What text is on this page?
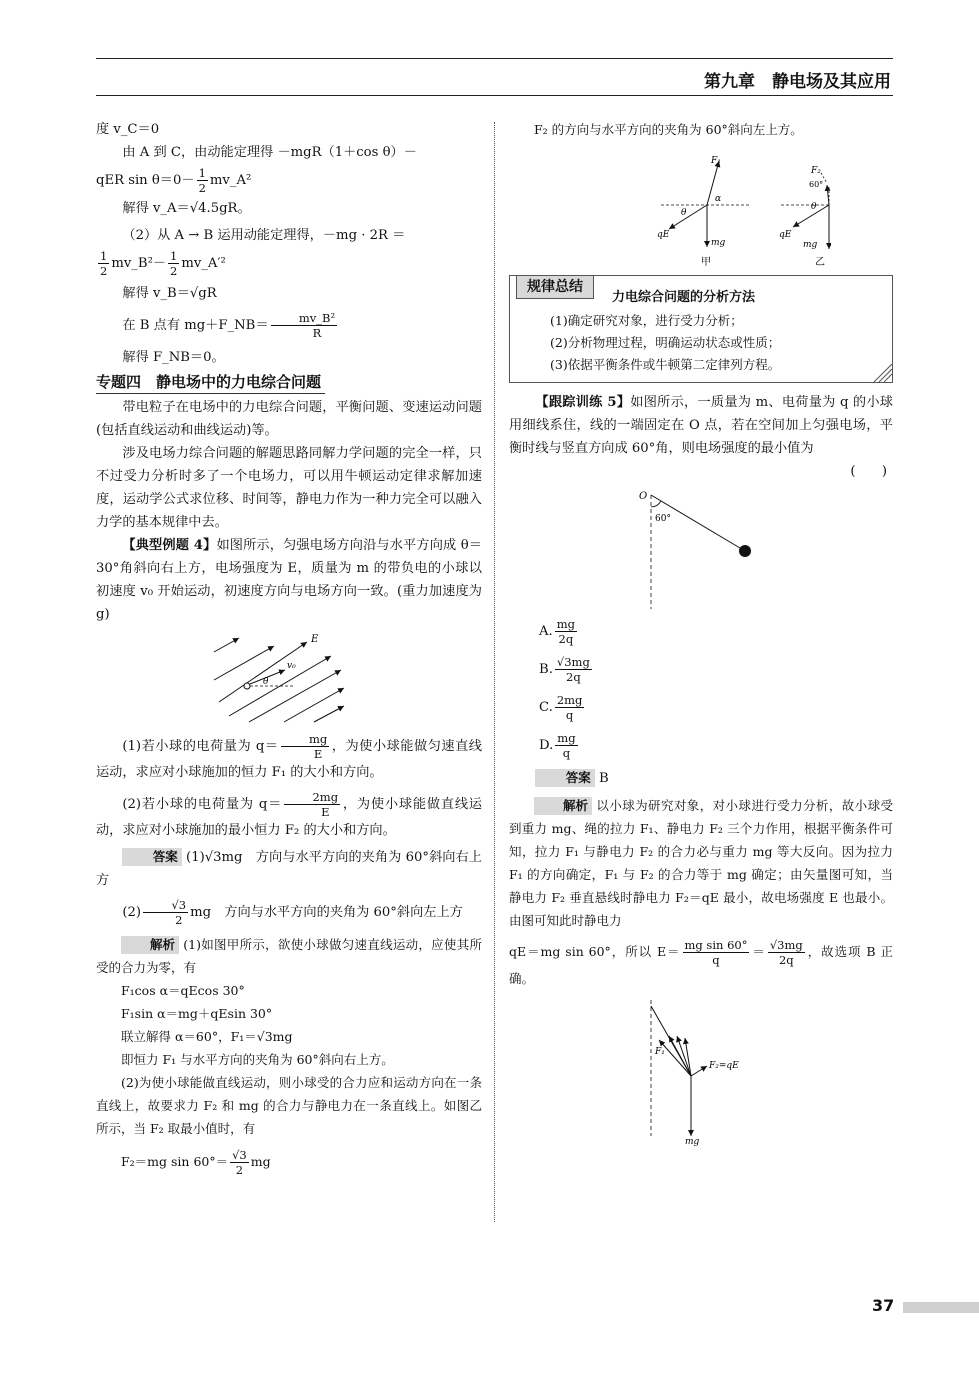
第九章　静电场及其应用

度 v_C＝0

由 A 到 C，由动能定理得 －mgR（1＋cos θ）－

qER $\sin \theta=0- \frac{1}{2}$ mv_A²

解得 v_A＝√4.5gR。

（2）从 A → B 运用动能定理得，－mg · 2R ＝

$\frac{1}{2}$ mv_B²－ $\frac{1}{2}$ mv_A′²

解得 v_B＝√gR

在 B 点有 mg＋F_NB＝ $\frac{\text{mv\_B²}}{R}$

解得 F_NB＝0。

专题四　静电场中的力电综合问题

带电粒子在电场中的力电综合问题，平衡问题、变速运动问题(包括直线运动和曲线运动)等。

涉及电场力综合问题的解题思路同解力学问题的完全一样，只不过受力分析时多了一个电场力，可以用牛顿运动定律求解加速度，运动学公式求位移、时间等，静电力作为一种力完全可以融入力学的基本规律中去。

【典型例题 4】如图所示，匀强电场方向沿与水平方向成 θ＝30°角斜向右上方，电场强度为 E，质量为 m 的带负电的小球以初速度 v₀ 开始运动，初速度方向与电场方向一致。(重力加速度为 g)

E
v₀
θ

(1)若小球的电荷量为 $q= \frac{mg}{E}$ ，为使小球能做匀速直线运动，求应对小球施加的恒力 F₁ 的大小和方向。

(2)若小球的电荷量为 $q= \frac{2mg}{E}$ ，为使小球能做直线运动，求应对小球施加的最小恒力 F₂ 的大小和方向。

答案 (1)√3mg　方向与水平方向的夹角为 60°斜向右上方

$(2) \frac{√3}{2}$ mg　方向与水平方向的夹角为 60°斜向左上方

解析 (1)如图甲所示，欲使小球做匀速直线运动，应使其所受的合力为零，有

F₁cos α＝qEcos 30°

F₁sin α＝mg＋qEsin 30°

联立解得 α＝60°，F₁＝√3mg

即恒力 F₁ 与水平方向的夹角为 60°斜向右上方。

(2)为使小球能做直线运动，则小球受的合力应和运动方向在一条直线上，故要求力 F₂ 和 mg 的合力与静电力在一条直线上。如图乙所示，当 F₂ 取最小值时，有

F₂＝mg $\sin 60^\circ= \frac{√3}{2}$ mg

F₂ 的方向与水平方向的夹角为 60°斜向左上方。

F₁
α
θ
qE
mg
甲
F₂
60°
θ
qE
mg
乙
规律总结
力电综合问题的分析方法
(1)确定研究对象，进行受力分析；
(2)分析物理过程，明确运动状态或性质；
(3)依据平衡条件或牛顿第二定律列方程。

【跟踪训练 5】如图所示，一质量为 m、电荷量为 q 的小球用细线系住，线的一端固定在 O 点，若在空间加上匀强电场，平衡时线与竖直方向成 60°角，则电场强度的最小值为

(　　)

O
60°
A. $\frac{mg}{2q}$
B. $\frac{√3mg}{2q}$
C. $\frac{2mg}{q}$
D. $\frac{mg}{q}$

答案 B

解析 以小球为研究对象，对小球进行受力分析，故小球受到重力 mg、绳的拉力 F₁、静电力 F₂ 三个力作用，根据平衡条件可知，拉力 F₁ 与静电力 F₂ 的合力必与重力 mg 等大反向。因为拉力 F₁ 的方向确定，F₁ 与 F₂ 的合力等于 mg 确定；由矢量图可知，当静电力 F₂ 垂直悬线时静电力 F₂＝qE 最小，故电场强度 E 也最小。由图可知此时静电力

qE＝mg sin 60°，所以 $E= \frac{\text{mg sin 60°}}{q} = \frac{√3mg}{2q}$ ，故选项 B 正确。

F₁
F₂=qE
mg
37
